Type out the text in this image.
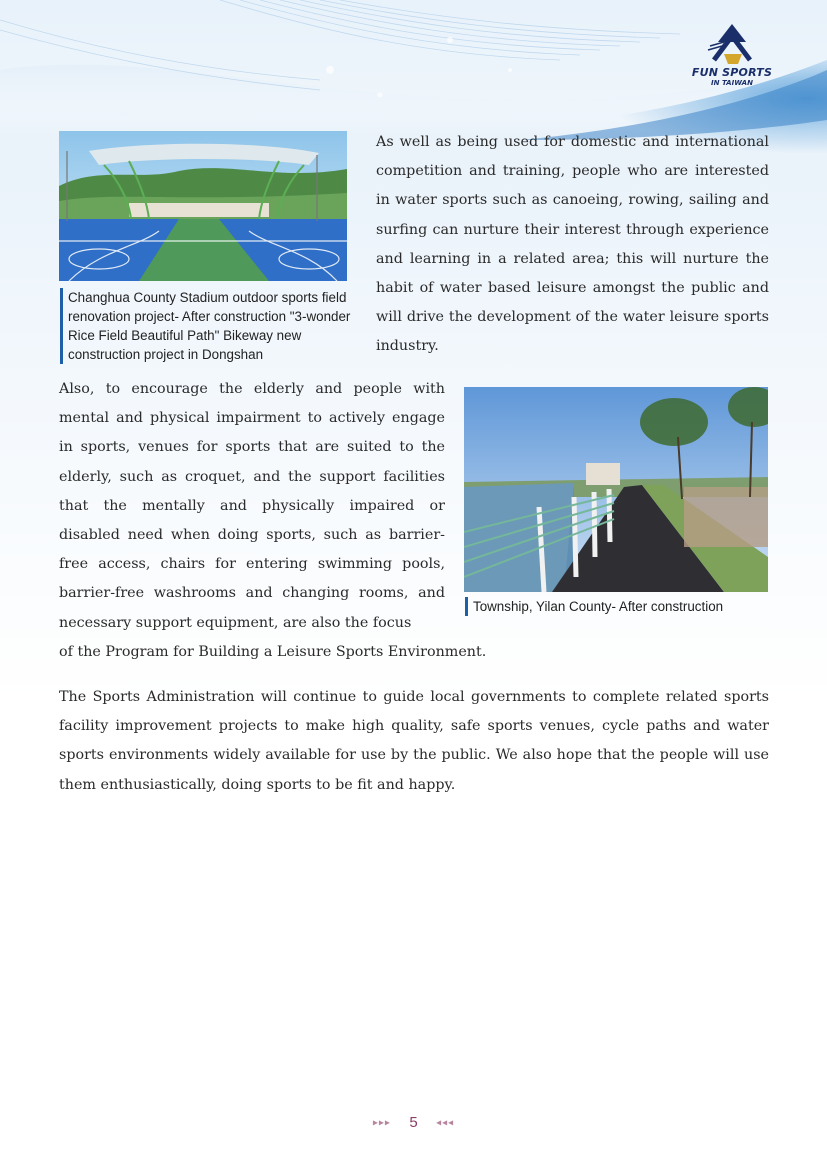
FUN SPORTS
IN TAIWAN
Changhua County Stadium outdoor sports field renovation project- After construction "3-wonder Rice Field Beautiful Path" Bikeway new construction project in Dongshan

As well as being used for domestic and international competition and training, people who are interested in water sports such as canoeing, rowing, sailing and surfing can nurture their interest through experience and learning in a related area; this will nurture the habit of water based leisure amongst the public and will drive the development of the water leisure sports industry.

Township, Yilan County- After construction

Also, to encourage the elderly and people with mental and physical impairment to actively engage in sports, venues for sports that are suited to the elderly, such as croquet, and the support facilities that the mentally and physically impaired or disabled need when doing sports, such as barrier-free access, chairs for entering swimming pools, barrier-free washrooms and changing rooms, and necessary support equipment, are also the focus

of the Program for Building a Leisure Sports Environment.

The Sports Administration will continue to guide local governments to complete related sports facility improvement projects to make high quality, safe sports venues, cycle paths and water sports environments widely available for use by the public. We also hope that the people will use them enthusiastically, doing sports to be fit and happy.

▸▸▸ 5 ◂◂◂
